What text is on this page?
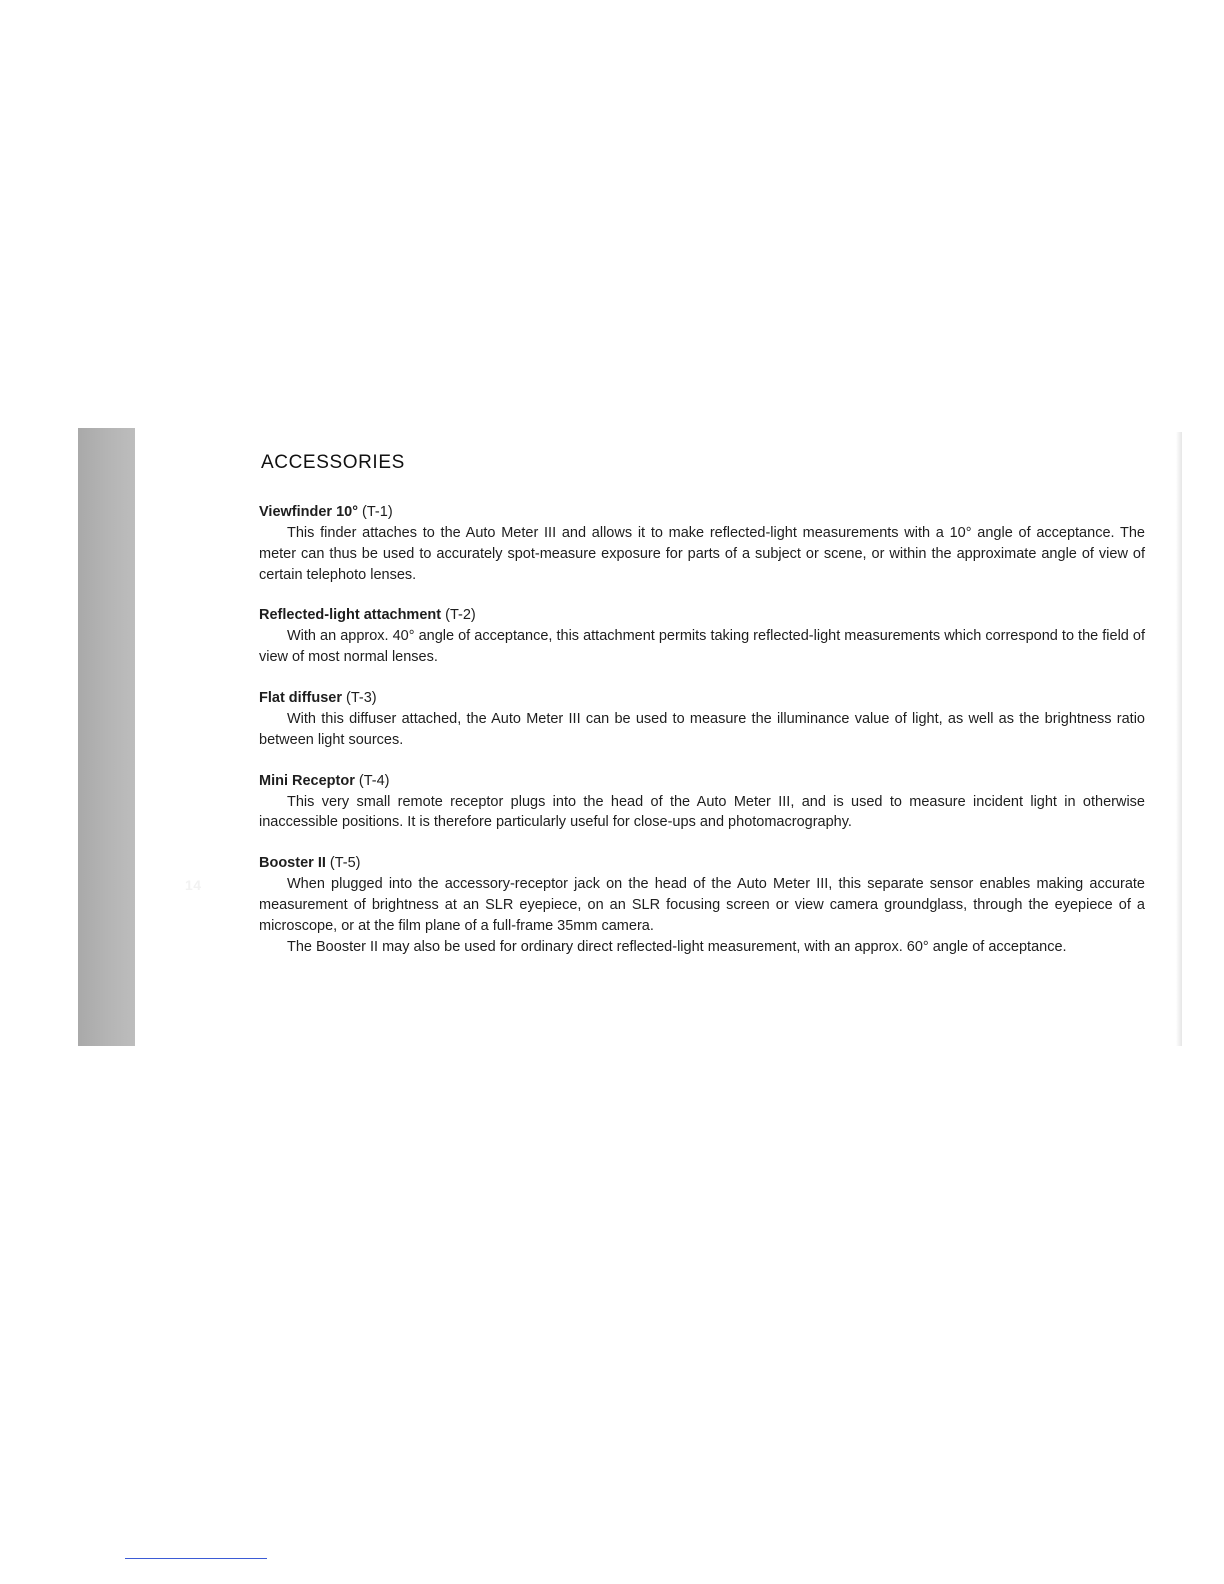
14
ACCESSORIES

Viewfinder 10° (T-1)

This finder attaches to the Auto Meter III and allows it to make reflected-light measurements with a 10° angle of acceptance. The meter can thus be used to accurately spot-measure exposure for parts of a subject or scene, or within the approximate angle of view of certain telephoto lenses.

Reflected-light attachment (T-2)

With an approx. 40° angle of acceptance, this attachment permits taking reflected-light measurements which correspond to the field of view of most normal lenses.

Flat diffuser (T-3)

With this diffuser attached, the Auto Meter III can be used to measure the illuminance value of light, as well as the brightness ratio between light sources.

Mini Receptor (T-4)

This very small remote receptor plugs into the head of the Auto Meter III, and is used to measure incident light in otherwise inaccessible positions. It is therefore particularly useful for close-ups and photomacrography.

Booster II (T-5)

When plugged into the accessory-receptor jack on the head of the Auto Meter III, this separate sensor enables making accurate measurement of brightness at an SLR eyepiece, on an SLR focusing screen or view camera groundglass, through the eyepiece of a microscope, or at the film plane of a full-frame 35mm camera.

The Booster II may also be used for ordinary direct reflected-light measurement, with an approx. 60° angle of acceptance.
